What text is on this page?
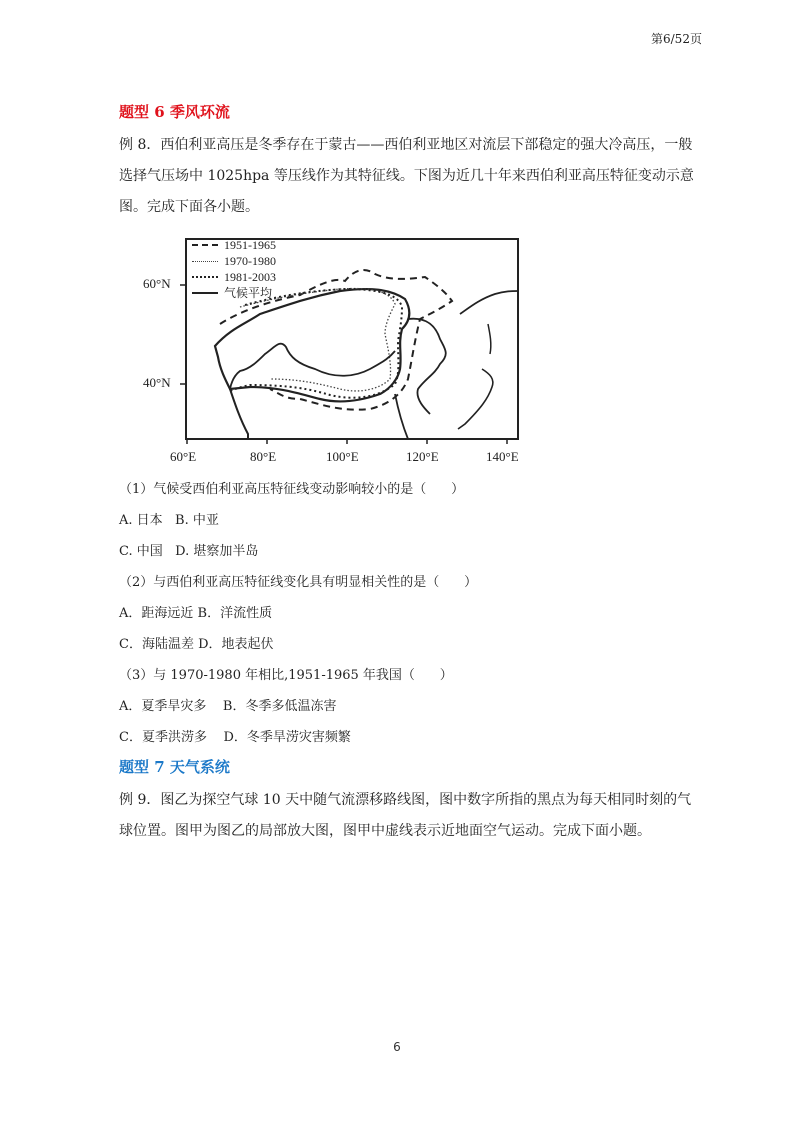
第6/52页
题型 6 季风环流

例 8．西伯利亚高压是冬季存在于蒙古——西伯利亚地区对流层下部稳定的强大冷高压，一般选择气压场中 1025hpa 等压线作为其特征线。下图为近几十年来西伯利亚高压特征变动示意图。完成下面各小题。

1951-1965
1970-1980
1981-2003
气候平均
60°N
40°N
60°E	80°E	100°E	120°E	140°E
（1）气候受西伯利亚高压特征线变动影响较小的是（      ）
A. 日本   B. 中亚
C. 中国   D. 堪察加半岛
（2）与西伯利亚高压特征线变化具有明显相关性的是（      ）
A．距海远近 B．洋流性质
C．海陆温差 D．地表起伏
（3）与 1970-1980 年相比,1951-1965 年我国（      ）
A．夏季旱灾多    B．冬季多低温冻害
C．夏季洪涝多    D．冬季旱涝灾害频繁
题型 7 天气系统

例 9．图乙为探空气球 10 天中随气流漂移路线图，图中数字所指的黑点为每天相同时刻的气球位置。图甲为图乙的局部放大图，图甲中虚线表示近地面空气运动。完成下面小题。

6
